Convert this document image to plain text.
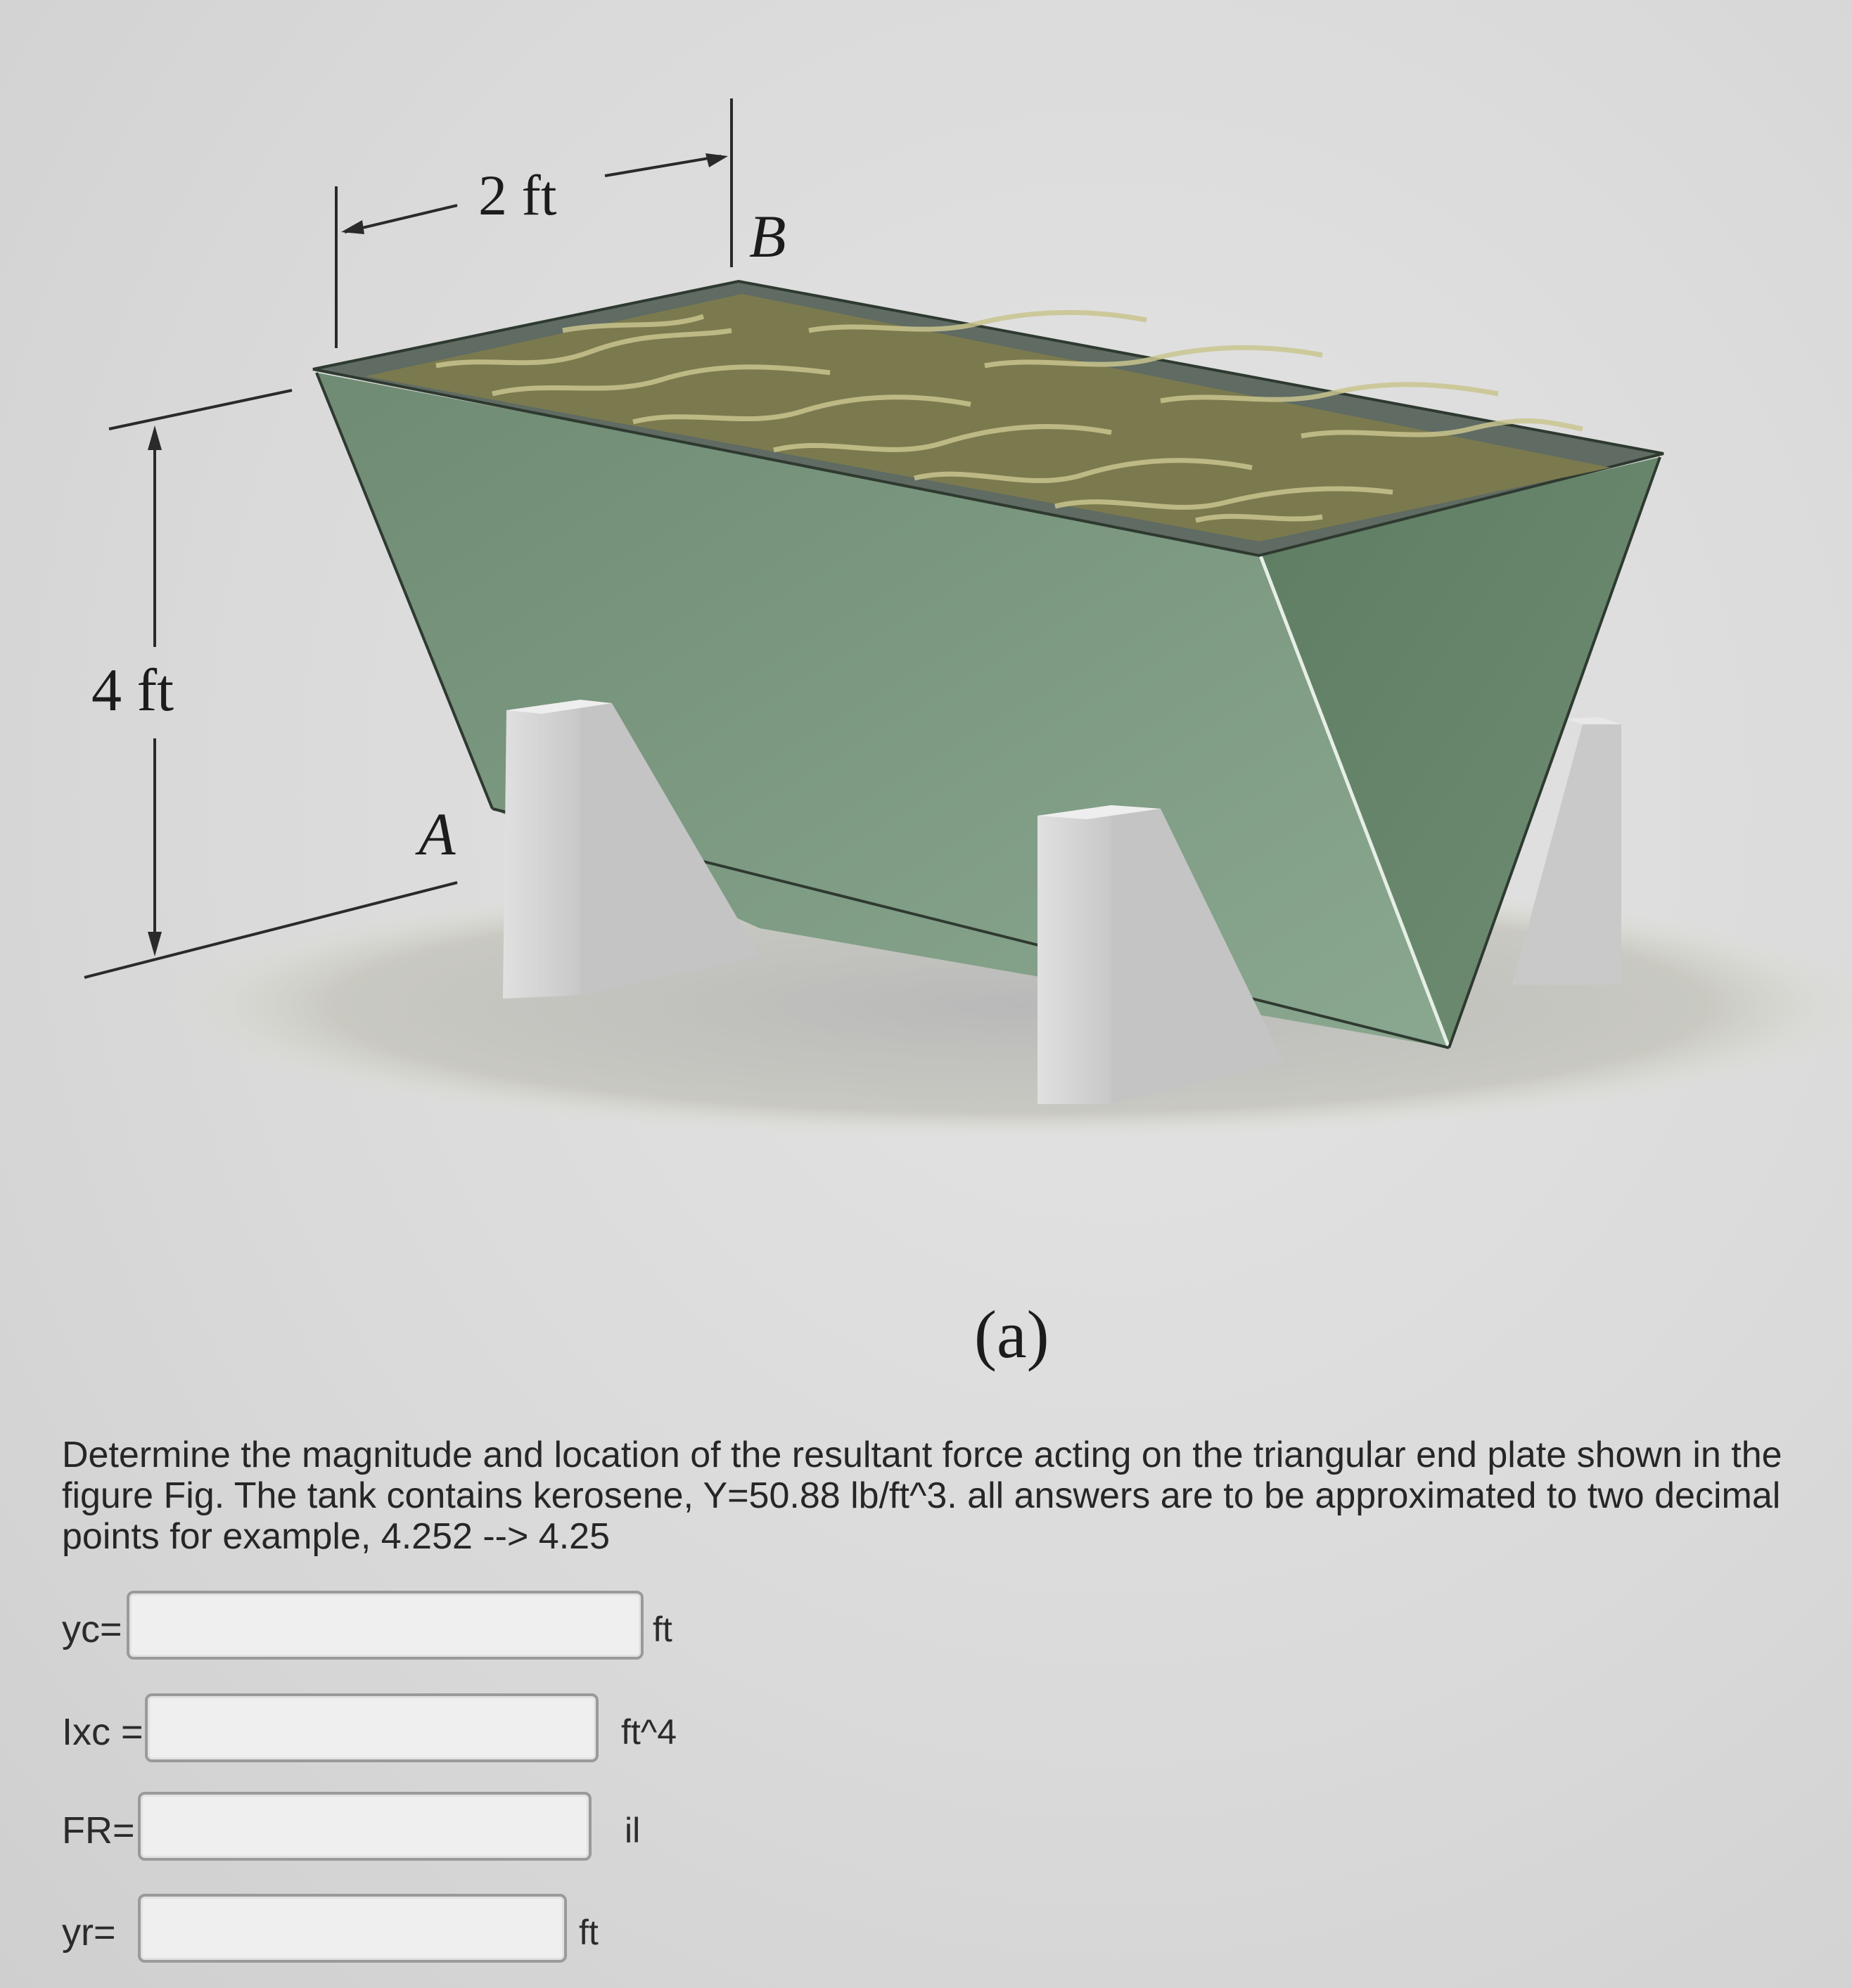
2 ft
4 ft
A
B
(a)
Determine the magnitude and location of the resultant force acting on the triangular end plate shown in the figure Fig. The tank contains kerosene, Y=50.88 lb/ft^3. all answers are to be approximated to two decimal points for example, 4.252 --> 4.25
yc=	ft
Ixc =	ft^4
FR=	il
yr=	ft
